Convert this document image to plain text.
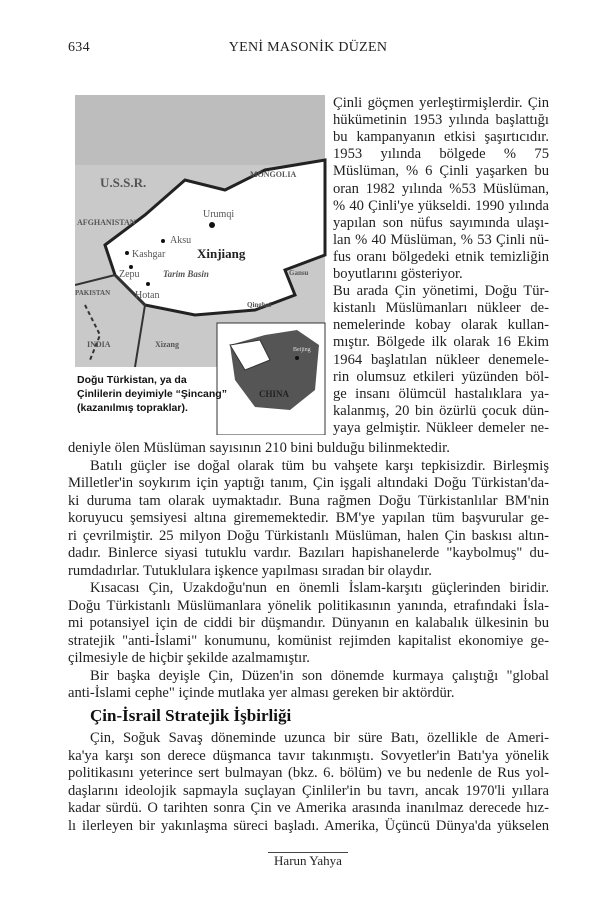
634	YENİ MASONİK DÜZEN
U.S.S.R.
MONGOLIA
AFGHANISTAN
Urumqi
Aksu
Kashgar Xinjiang
Tarim Basin
Zepu
Hotan
PAKISTAN
Gansu
Qinghai
INDIA	Xizang
CHINA
Beijing
Doğu Türkistan, ya da
Çinlilerin deyimiyle “Şincang”
(kazanılmış topraklar).
Harun Yahya
Çin-İsrail Stratejik İşbirliği
Çinli göçmen yerleştirmişlerdir. Çin
hükümetinin 1953 yılında başlattığı
bu kampanyanın etkisi şaşırtıcıdır.
1953 yılında bölgede % 75
Müslüman, % 6 Çinli yaşarken bu
oran 1982 yılında %53 Müslüman,
% 40 Çinli'ye yükseldi. 1990 yılında
yapılan son nüfus sayımında ulaşı-
lan % 40 Müslüman, % 53 Çinli nü-
fus oranı bölgedeki etnik temizliğin
boyutlarını gösteriyor.
Bu arada Çin yönetimi, Doğu Tür-
kistanlı Müslümanları nükleer de-
nemelerinde kobay olarak kullan-
mıştır. Bölgede ilk olarak 16 Ekim
1964 başlatılan nükleer denemele-
rin olumsuz etkileri yüzünden böl-
ge insanı ölümcül hastalıklara ya-
kalanmış, 20 bin özürlü çocuk dün-
yaya gelmiştir. Nükleer demeler ne-
deniyle ölen Müslüman sayısının 210 bini bulduğu bilinmektedir.
Batılı güçler ise doğal olarak tüm bu vahşete karşı tepkisizdir. Birleşmiş
Milletler'in soykırım için yaptığı tanım, Çin işgali altındaki Doğu Türkistan'da-
ki duruma tam olarak uymaktadır. Buna rağmen Doğu Türkistanlılar BM'nin
koruyucu şemsiyesi altına girememektedir. BM'ye yapılan tüm başvurular ge-
ri çevrilmiştir. 25 milyon Doğu Türkistanlı Müslüman, halen Çin baskısı altın-
dadır. Binlerce siyasi tutuklu vardır. Bazıları hapishanelerde "kaybolmuş" du-
rumdadırlar. Tutuklulara işkence yapılması sıradan bir olaydır.
Kısacası Çin, Uzakdoğu'nun en önemli İslam-karşıtı güçlerinden biridir.
Doğu Türkistanlı Müslümanlara yönelik politikasının yanında, etrafındaki İsla-
mi potansiyel için de ciddi bir düşmandır. Dünyanın en kalabalık ülkesinin bu
stratejik "anti-İslami" konumunu, komünist rejimden kapitalist ekonomiye ge-
çilmesiyle de hiçbir şekilde azalmamıştır.
Bir başka deyişle Çin, Düzen'in son dönemde kurmaya çalıştığı "global
anti-İslami cephe" içinde mutlaka yer alması gereken bir aktördür.
Çin, Soğuk Savaş döneminde uzunca bir süre Batı, özellikle de Ameri-
ka'ya karşı son derece düşmanca tavır takınmıştı. Sovyetler'in Batı'ya yönelik
politikasını yeterince sert bulmayan (bkz. 6. bölüm) ve bu nedenle de Rus yol-
daşlarını ideolojik sapmayla suçlayan Çinliler'in bu tavrı, ancak 1970'li yıllara
kadar sürdü. O tarihten sonra Çin ve Amerika arasında inanılmaz derecede hız-
lı ilerleyen bir yakınlaşma süreci başladı. Amerika, Üçüncü Dünya'da yükselen
